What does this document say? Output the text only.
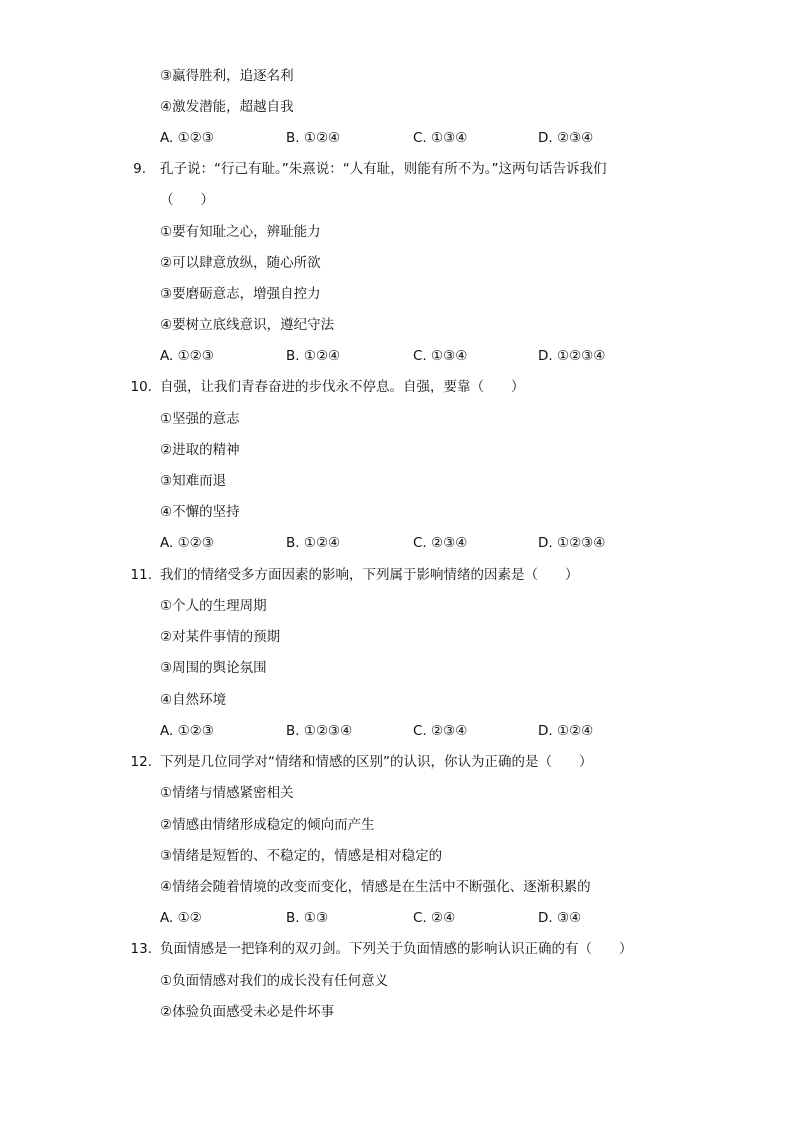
③赢得胜利，追逐名利
④激发潜能，超越自我
A. ①②③	B. ①②④	C. ①③④	D. ②③④
9. 孔子说：“行己有耻。”朱熹说：“人有耻，则能有所不为。”这两句话告诉我们
（　　）
①要有知耻之心，辨耻能力
②可以肆意放纵，随心所欲
③要磨砺意志，增强自控力
④要树立底线意识，遵纪守法
A. ①②③	B. ①②④	C. ①③④	D. ①②③④
10. 自强，让我们青春奋进的步伐永不停息。自强，要靠（　　）
①坚强的意志
②进取的精神
③知难而退
④不懈的坚持
A. ①②③	B. ①②④	C. ②③④	D. ①②③④
11. 我们的情绪受多方面因素的影响，下列属于影响情绪的因素是（　　）
①个人的生理周期
②对某件事情的预期
③周围的舆论氛围
④自然环境
A. ①②③	B. ①②③④	C. ②③④	D. ①②④
12. 下列是几位同学对“情绪和情感的区别”的认识，你认为正确的是（　　）
①情绪与情感紧密相关
②情感由情绪形成稳定的倾向而产生
③情绪是短暂的、不稳定的，情感是相对稳定的
④情绪会随着情境的改变而变化，情感是在生活中不断强化、逐渐积累的
A. ①②	B. ①③	C. ②④	D. ③④
13. 负面情感是一把锋利的双刃剑。下列关于负面情感的影响认识正确的有（　　）
①负面情感对我们的成长没有任何意义
②体验负面感受未必是件坏事
